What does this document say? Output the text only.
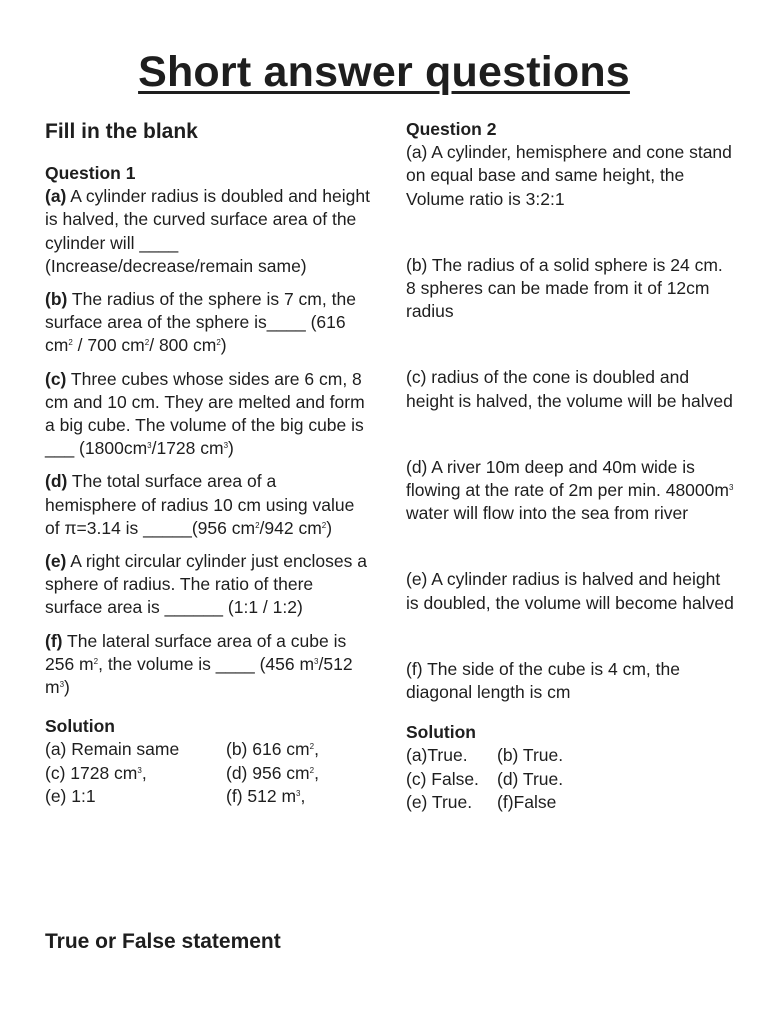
Short answer questions
Fill in the blank
Question 1

(a) A cylinder radius is doubled and height is halved, the curved surface area of the cylinder will ____ (Increase/decrease/remain same)

(b) The radius of the sphere is 7 cm, the surface area of the sphere is____ (616 $cm^2 / 700$ $cm^2/$ 800 $cm^2$)

(c) Three cubes whose sides are 6 cm, 8 cm and 10 cm. They are melted and form a big cube. The volume of the big cube is ___ ($1800cm^3/1728$ $cm^3$)

(d) The total surface area of a hemisphere of radius 10 cm using value of π=3.14 is _____(956 $cm^2/942$ $cm^2$)

(e) A right circular cylinder just encloses a sphere of radius. The ratio of there surface area is ______ (1:1 / 1:2)

(f) The lateral surface area of a cube is 256 $m^2$, the volume is ____ (456 $m^3/512$ $m^3$)

Solution
(a) Remain same	(b) 616 $cm^2$,
(c) 1728 $cm^3$,	(d) 956 $cm^2$,
(e) 1:1	(f) 512 $m^3$,
True or False statement
Question 2

(a) A cylinder, hemisphere and cone stand on equal base and same height, the Volume ratio is 3:2:1

(b) The radius of a solid sphere is 24 cm. 8 spheres can be made from it of 12cm radius

(c) radius of the cone is doubled and height is halved, the volume will be halved

(d) A river 10m deep and 40m wide is flowing at the rate of 2m per min. $48000m^3$ water will flow into the sea from river

(e) A cylinder radius is halved and height is doubled, the volume will become halved

(f) The side of the cube is 4 cm, the diagonal length is cm

Solution
(a)True. (b) True.
(c) False. (d) True.
(e) True. (f)False
